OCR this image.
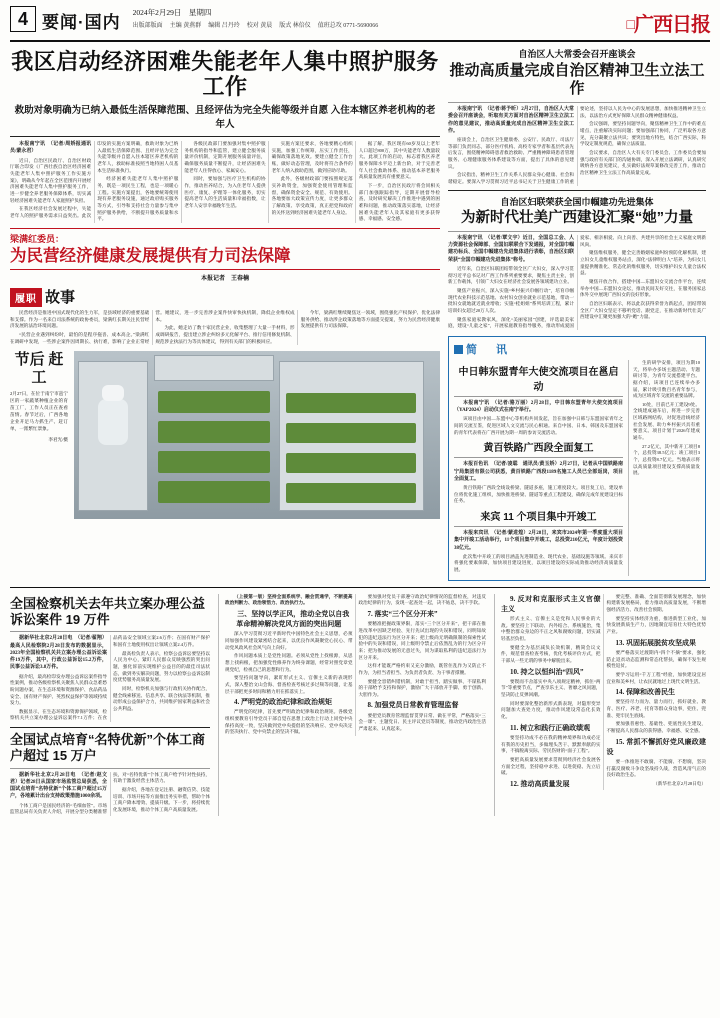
4 要闻·国内
2024年2月29日　星期四
出版部版面 主编 黄燕群 编辑 吕丹玲 校对 黄晨 版式 林倍仪 值班总攻 0771-5690066	□广西日报
我区启动经济困难失能老年人集中照护服务工作
救助对象明确为已纳入最低生活保障范围、且经评估为完全失能等级并自愿 入住本辖区养老机构的老年人

本报南宁讯　（记者/周娇报通讯员/蒙永君）

近日，自治区民政厅、自治区财政厅联合印发《广西壮族自治区经济困难失能老年人集中照护服务工作实施方案》，明确从今年起在全区范围内开展经济困难失能老年人集中照护服务工作，进一步健全养老服务保障体系，切实减轻经济困难失能老年人家庭照护负担。

在我区经济社会发展过程中，失能老年人的照护服务需求日益突出。此次印发的实施方案明确，救助对象为已纳入最低生活保障范围、且经评估为完全失能等级并自愿入住本辖区养老机构的老年人，救助标准按照当地特困人员基本生活标准执行。

经济困难失能老年人集中照护服务，既是一项民生工程，也是一项暖心工程。实施方案提出，各地要统筹使用现有养老服务设施，通过政府购买服务等方式，引导和支持社会力量参与集中照护服务供给，不断提升服务质量和水平。

各级民政部门要加强对集中照护服务机构的指导和监管，建立健全服务质量评价机制，定期开展服务质量评估，确保服务质量不断提升，让经济困难失能老年人住得放心、家属安心。

同时，要加强与医疗卫生机构的协作，推动医养结合，为入住老年人提供医疗、康复、护理等一体化服务，切实提高老年人的生活质量和幸福指数，让老年人安享幸福晚年生活。

实施方案还要求，各地要精心组织实施，加强工作统筹，压实工作责任，确保政策落地见效。要建立健全工作台账，做好动态管理，及时将符合条件的老年人纳入救助范围，做到应助尽助。

此外，各级财政部门要按照规定落实补助资金，加强资金使用管理和监督，确保资金安全、规范、有效使用。各地要加大政策宣传力度，让更多群众了解政策、享受政策，真正把党和政府的关怀送到经济困难失能老年人身边。

据了解，我区现有60岁及以上老年人口超过800万，其中失能老年人数量较大。此项工作的启动，标志着我区养老服务保障水平迈上新台阶，对于完善老年人社会救助体系、推动基本养老服务高质量发展具有重要意义。

下一步，自治区民政厅将会同相关部门加强跟踪指导，定期开展督导检查，及时研究解决工作推进中遇到的困难和问题，推动政策落实落地，让经济困难失能老年人及其家庭有更多获得感、幸福感、安全感。

梁满红委员：
为民营经济健康发展提供有力司法保障
本报记者　王春楠
履职 故事

民营经济是推进中国式现代化的生力军，是县域经济的重要基础和支撑。作为一名来自司法系统的政协委员，梁满红长期关注民营经济发展的法治环境问题。

“民营企业遇到纠纷时，最怕的是程序拖沓、成本高企。”梁满红在调研中发现，一些涉企案件因周期长、执行难，影响了企业正常经营。她建议，进一步完善涉企案件快审快执机制，降低企业维权成本。

为此，她走访了数十家民营企业，收集整理了大量一手材料，形成调研报告，提出建立涉企纠纷多元化解平台、推行信用修复机制、规范涉企执法行为等具体建议，得到有关部门的积极回应。

今年，梁满红继续聚焦这一领域，围绕强化产权保护、优化法律服务供给、推动涉企政策落地等方面提交提案，努力为民营经济健康发展提供有力司法保障。

节后 赶工
2月27日，在位于南宁市邕宁区的一家蔬菜种植企业的育苗工厂，工作人员正在查看苗情。春节过后，广西各地企业开足马力抓生产、赶订单，一派繁忙景象。
李君光/摄
自治区人大常委会召开座谈会
推动高质量完成自治区精神卫生立法工作

本报南宁讯　（记者/蒋予昕）2月27日，自治区人大常委会召开座谈会，听取有关方面对自治区精神卫生立法工作的意见建议，推动高质量完成自治区精神卫生立法工作。

座谈会上，自治区卫生健康委、公安厅、民政厅、司法厅等部门负责同志，部分医疗机构、高校专家学者和基层代表先后发言，围绕精神障碍患者救治救助、严重精神障碍患者管理服务、心理健康服务体系建设等方面，提出了具体的意见建议。

会议指出，精神卫生工作关系人民群众身心健康、社会和谐稳定。要深入学习贯彻习近平总书记关于卫生健康工作的重要论述，坚持以人民为中心的发展思想，加快推进精神卫生立法，以法治方式更好保障人民群众精神健康权益。

会议强调，要坚持问题导向，聚焦精神卫生工作中的难点堵点，注重解决实际问题；要加强部门协同，广泛听取各方意见，充分凝聚立法共识；要突出地方特色，结合广西实际，科学设定制度规范，确保立法质量。

会议要求，自治区人大有关专门委员会、工作委员会要加强与政府有关部门的沟通协调，深入开展立法调研，认真研究吸纳各方意见建议，扎实做好法规草案修改完善工作，推动自治区精神卫生立法工作高质量完成。

自治区妇联荣获全国巾帼建功先进集体
为新时代壮美广西建设汇聚“她”力量

本报南宁讯　（记者/覃文宇）近日，全国总工会、人力资源社会保障部、全国妇联联合下发通报，对全国巾帼建功标兵、全国巾帼建功先进集体进行表彰，自治区妇联荣获“全国巾帼建功先进集体”称号。

近年来，自治区妇联团结带领全区广大妇女，深入学习贯彻习近平总书记对广西工作系列重要要求，聚焦主责主业，创新工作载体，引领广大妇女在经济社会发展各领域建功立业。

聚焦产业振兴，深入实施“乡村振兴巾帼行动”，培育巾帼现代农业科技示范基地、农村妇女创业就业示范基地，带动一批妇女就地就近就业增收；实施“桂姐姐”系列培训工程，累计培训妇女超过20万人次。

聚焦家庭家教家风，深化“美丽家园”创建，评选最美家庭，建设“儿童之家”，开展家庭教育指导服务，推动形成爱国爱家、相亲相爱、向上向善、共建共享的社会主义家庭文明新风尚。

聚焦维权服务，健全完善婚姻家庭纠纷预防化解机制，建立妇女儿童维权服务站点，深化“法律明白人”培养，为妇女儿童提供精准化、常态化的维权服务，切实维护妇女儿童合法权益。

聚焦开放合作，搭建中国—东盟妇女交流合作平台，连续举办中国—东盟妇女论坛，推动民间友好交往，在服务国家总体外交中展现广西妇女的良好形象。

自治区妇联表示，将以此次获得荣誉为新起点，团结带领全区广大妇女坚定不移听党话、跟党走，在推动新时代壮美广西建设中汇聚更加强大的“她”力量。

简　讯
中日韩东盟青年大使交流项目在邕启动

本报南宁讯　（记者/骆万丽）2月28日，中日韩东盟青年大使交流项目（YAP2024）启动仪式在南宁举行。

该项目由中国—东盟中心等机构共同发起，旨在加强中日韩与东盟国家青年之间的交流互鉴，促进区域人文交流与民心相通。来自中国、日本、韩国及东盟国家的青年代表将在广西开展为期一周的参访交流活动。

黄百铁路广西段全面复工

本报百色讯　（记者/凌聪　通讯员/黄玉娇）2月27日，记者从中国铁路南宁局集团有限公司获悉，黄百铁路广西段1189名施工人员已全部返岗，项目全面复工。

黄百铁路广西段全线设桥梁、隧道多座，施工难度较大。项目复工后，建设单位将优化施工组织，加快推进桥梁、隧道等重点工程建设，确保完成年度建设目标任务。

来宾 11 个项目集中开竣工

本报来宾讯　（记者/蒙进煌）2月28日，来宾市2024年第一季度重大项目集中开竣工活动举行，11个项目集中开竣工，总投资210亿元，年度计划投资38亿元。

此次集中开竣工的项目涵盖先进制造业、现代农业、基础设施等领域。来宾市将强化要素保障，加快项目建设进度，以项目建设的实际成效推动经济高质量发展。

生的研学安排，项目为期10天，将举办多场主题活动、专题研讨等，为青年交流搭建平台。据介绍，该项目已连续举办多届，累计吸引数百名青年参与，成为区域青年交流的重要品牌。

10处，目前已开工建设9处。全线建成通车后，将进一步完善区域路网结构，对促进沿线经济社会发展、助力乡村振兴具有重要意义。项目计划于2026年建成通车。

27.2亿元，其中新开工项目8个，总投资38.5亿元；竣工项目3个，总投资8.7亿元。当地表示将以高质量项目建设支撑高质量发展。

全国检察机关去年共立案办理公益诉讼案件 19 万件

据新华社北京2月28日电　（记者/翟翔）最高人民检察院2月28日发布的数据显示，2023年全国检察机关共立案办理公益诉讼案件19万件，其中，行政公益诉讼15.2万件，民事公益诉讼3.8万件。

据介绍，最高检印发办理公益诉讼案件指导性案例，推动各级检察机关聚焦人民群众急难愁盼问题办案，在生态环境和资源保护、食品药品安全、国有财产保护、英烈权益保护等领域持续发力。

数据显示，在生态环境和资源保护领域，检察机关共立案办理公益诉讼案件7.1万件；在食品药品安全领域立案2.6万件；在国有财产保护和国有土地使用权出让领域立案2.4万件。

最高检负责人表示，检察公益诉讼要坚持以人民为中心，紧盯人民群众反映强烈的突出问题，强化诉前实现维护公益目的的最佳司法状态，做到务实解决问题，努力以检察公益诉讼制度优势服务高质量发展。

同时，检察机关加强与行政机关协作配合，健全线索移送、信息共享、联合执法等机制，推动形成公益保护合力，共同维护国家利益和社会公共利益。

全国试点培育“名特优新”个体工商户超过 15 万户

据新华社北京2月28日电　（记者/赵文君）记者28日从国家市场监管总局获悉，全国试点培育“名特优新”个体工商户超过15万户，各地累计出台支持政策措施1000余项。

个体工商户是国民经济的“毛细血管”。市场监管总局有关负责人介绍，开展分型分类精准帮扶，对“名特优新”个体工商户给予针对性扶持，有助于激发经营主体活力。

据介绍，各地在登记注册、融资信贷、技能培训、市场开拓等方面推出务实举措，帮助个体工商户降本增效、提质升级。下一步，将持续优化发展环境，推动个体工商户高质量发展。

（上接第一版）坚持全面系统学、融会贯通学，不断提高政治判断力、政治领悟力、政治执行力。

三、坚持以学正风，推动全党以自我革命精神解决党风方面的突出问题

深入学习贯彻习近平新时代中国特色社会主义思想，必须同加强作风建设紧密结合起来，以优良作风凝聚党心民心、带动党风政风社会风气向上向好。

作风问题本质上是党性问题。必须从党性上找根源，从思想上找病根，把加强党性修养作为终身课题，经常对照党章党规党纪，检视自己的思想和行为。

要坚持问题导向，紧盯形式主义、官僚主义新的表现形式，深入整治文山会海、督查检查考核过多过频等问题，让基层干部把更多时间和精力用在抓落实上。

4. 严明党的政治纪律和政治规矩

严明党的纪律，首先要严明政治纪律和政治规矩。各级党组织要教育引导党员干部自觉在思想上政治上行动上同党中央保持高度一致，坚决做到党中央提倡的坚决响应、党中央决定的坚决执行、党中央禁止的坚决不做。

要加强对党员干部遵守政治纪律情况的监督检查，对违反政治纪律的行为，发现一起查处一起，决不姑息，决不手软。

7. 落实“三个区分开来”

要精准把握政策界限，落实“三个区分开来”，把干部在推进改革中因缺乏经验、先行先试出现的失误和错误，同明知故犯的违纪违法行为区分开来；把上级尚无明确限制的探索性试验中的失误和错误，同上级明令禁止后依然乱为的行为区分开来；把为推动发展的无意过失，同为谋取私利的违纪违法行为区分开来。

这样才能既严格约束又充分激励，既管住乱作为又防止不作为，为担当者担当、为负责者负责、为干事者撑腰。

要健全容错纠错机制，对敢于担当、踏实做事、不谋私利的干部给予支持和保护，激励广大干部放开手脚、勇于创新、大胆作为。

8. 加强党员日常教育管理监督

要把党员教育管理监督贯穿日常、做在平常，严格落实“三会一课”、主题党日、民主评议党员等制度，推动党内政治生活严肃起来、认真起来。

9. 反对和克服形式主义官僚主义

形式主义、官僚主义是党和人民事业的大敌。要坚持上下联动、内外结合、系统施治，集中整治群众身边的不正之风和腐败问题，切实减轻基层负担。

要健全为基层减负长效机制，精简会议文件，规范督查检查考核，优化考核评价方式，把干部从一些无谓的事务中解脱出来。

10. 持之以恒纠治“四风”

要锲而不舍落实中央八项规定精神，抓住“两节”等重要节点，严查享乐主义、奢靡之风问题，坚决防止反弹回潮。

同时要深化整治新形式新表现，对隐形变异问题加大查处力度，推动作风建设常态化长效化。

11. 树立和践行正确政绩观

要坚持功成不必在我的精神境界和功成必定有我的历史担当，多做埋头苦干、默默奉献的实事，不搞脱离实际、劳民伤财的“面子工程”。

要把高质量发展要求贯彻到经济社会发展各方面全过程，坚持稳中求进、以进促稳、先立后破。

12. 推动高质量发展

要完整、准确、全面贯彻新发展理念，加快构建新发展格局，着力推动高质量发展，不断增强经济活力、改善社会预期。

要坚持实体经济为重，推进新型工业化，加快发展新质生产力，因地制宜培育壮大特色优势产业。

13. 巩固拓展脱贫攻坚成果

要严格落实过渡期内“四个不摘”要求，强化防止返贫动态监测和常态化帮扶，确保不发生规模性返贫。

要学习运用“千万工程”经验，加快建设宜居宜业和美乡村，让农民就地过上现代文明生活。

14. 保障和改善民生

要坚持尽力而为、量力而行，抓好就业、教育、医疗、养老、托育等群众身边事，兜住、兜准、兜牢民生底线。

要加强普惠性、基础性、兜底性民生建设，不断提高人民群众的获得感、幸福感、安全感。

15. 常抓不懈抓好党风廉政建设

要一体推进不敢腐、不能腐、不想腐，坚决打赢反腐败斗争攻坚战持久战，营造风清气正的良好政治生态。

（新华社北京2月28日电）
